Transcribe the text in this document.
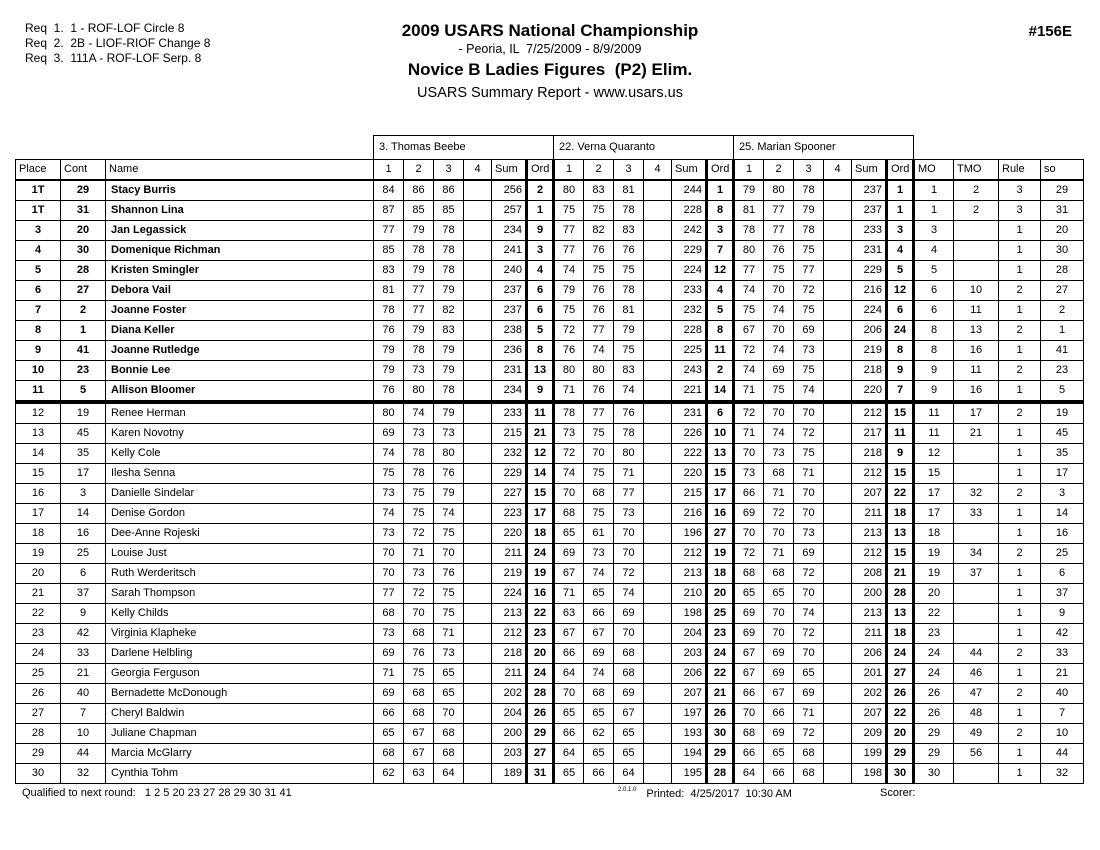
Req  1.  1 - ROF-LOF Circle 8
Req  2.  2B - LIOF-RIOF Change 8
Req  3.  111A - ROF-LOF Serp. 8
2009 USARS National Championship
- Peoria, IL  7/25/2009 - 8/9/2009
Novice B Ladies Figures  (P2) Elim.
USARS Summary Report - www.usars.us
#156E
			3. Thomas Beebe						22. Verna Quaranto						25. Marian Spooner									
Place	Cont	Name	1	2	3	4	Sum	Ord	1	2	3	4	Sum	Ord	1	2	3	4	Sum	Ord	MO	TMO	Rule	so
1T	29	Stacy Burris	84	86	86		256	2	80	83	81		244	1	79	80	78		237	1	1	2	3	29
1T	31	Shannon Lina	87	85	85		257	1	75	75	78		228	8	81	77	79		237	1	1	2	3	31
3	20	Jan Legassick	77	79	78		234	9	77	82	83		242	3	78	77	78		233	3	3		1	20
4	30	Domenique Richman	85	78	78		241	3	77	76	76		229	7	80	76	75		231	4	4		1	30
5	28	Kristen Smingler	83	79	78		240	4	74	75	75		224	12	77	75	77		229	5	5		1	28
6	27	Debora Vail	81	77	79		237	6	79	76	78		233	4	74	70	72		216	12	6	10	2	27
7	2	Joanne Foster	78	77	82		237	6	75	76	81		232	5	75	74	75		224	6	6	11	1	2
8	1	Diana Keller	76	79	83		238	5	72	77	79		228	8	67	70	69		206	24	8	13	2	1
9	41	Joanne Rutledge	79	78	79		236	8	76	74	75		225	11	72	74	73		219	8	8	16	1	41
10	23	Bonnie Lee	79	73	79		231	13	80	80	83		243	2	74	69	75		218	9	9	11	2	23
11	5	Allison Bloomer	76	80	78		234	9	71	76	74		221	14	71	75	74		220	7	9	16	1	5
12	19	Renee Herman	80	74	79		233	11	78	77	76		231	6	72	70	70		212	15	11	17	2	19
13	45	Karen Novotny	69	73	73		215	21	73	75	78		226	10	71	74	72		217	11	11	21	1	45
14	35	Kelly Cole	74	78	80		232	12	72	70	80		222	13	70	73	75		218	9	12		1	35
15	17	Ilesha Senna	75	78	76		229	14	74	75	71		220	15	73	68	71		212	15	15		1	17
16	3	Danielle Sindelar	73	75	79		227	15	70	68	77		215	17	66	71	70		207	22	17	32	2	3
17	14	Denise Gordon	74	75	74		223	17	68	75	73		216	16	69	72	70		211	18	17	33	1	14
18	16	Dee-Anne Rojeski	73	72	75		220	18	65	61	70		196	27	70	70	73		213	13	18		1	16
19	25	Louise Just	70	71	70		211	24	69	73	70		212	19	72	71	69		212	15	19	34	2	25
20	6	Ruth Werderitsch	70	73	76		219	19	67	74	72		213	18	68	68	72		208	21	19	37	1	6
21	37	Sarah Thompson	77	72	75		224	16	71	65	74		210	20	65	65	70		200	28	20		1	37
22	9	Kelly Childs	68	70	75		213	22	63	66	69		198	25	69	70	74		213	13	22		1	9
23	42	Virginia Klapheke	73	68	71		212	23	67	67	70		204	23	69	70	72		211	18	23		1	42
24	33	Darlene Helbling	69	76	73		218	20	66	69	68		203	24	67	69	70		206	24	24	44	2	33
25	21	Georgia Ferguson	71	75	65		211	24	64	74	68		206	22	67	69	65		201	27	24	46	1	21
26	40	Bernadette McDonough	69	68	65		202	28	70	68	69		207	21	66	67	69		202	26	26	47	2	40
27	7	Cheryl Baldwin	66	68	70		204	26	65	65	67		197	26	70	66	71		207	22	26	48	1	7
28	10	Juliane Chapman	65	67	68		200	29	66	62	65		193	30	68	69	72		209	20	29	49	2	10
29	44	Marcia McGlarry	68	67	68		203	27	64	65	65		194	29	66	65	68		199	29	29	56	1	44
30	32	Cynthia Tohm	62	63	64		189	31	65	66	64		195	28	64	66	68		198	30	30		1	32
Qualified to next round: 1 2 5 20 23 27 28 29 30 31 41	$^{2.0.1.0}$ Printed: 4/25/2017  10:30 AM	Scorer:
